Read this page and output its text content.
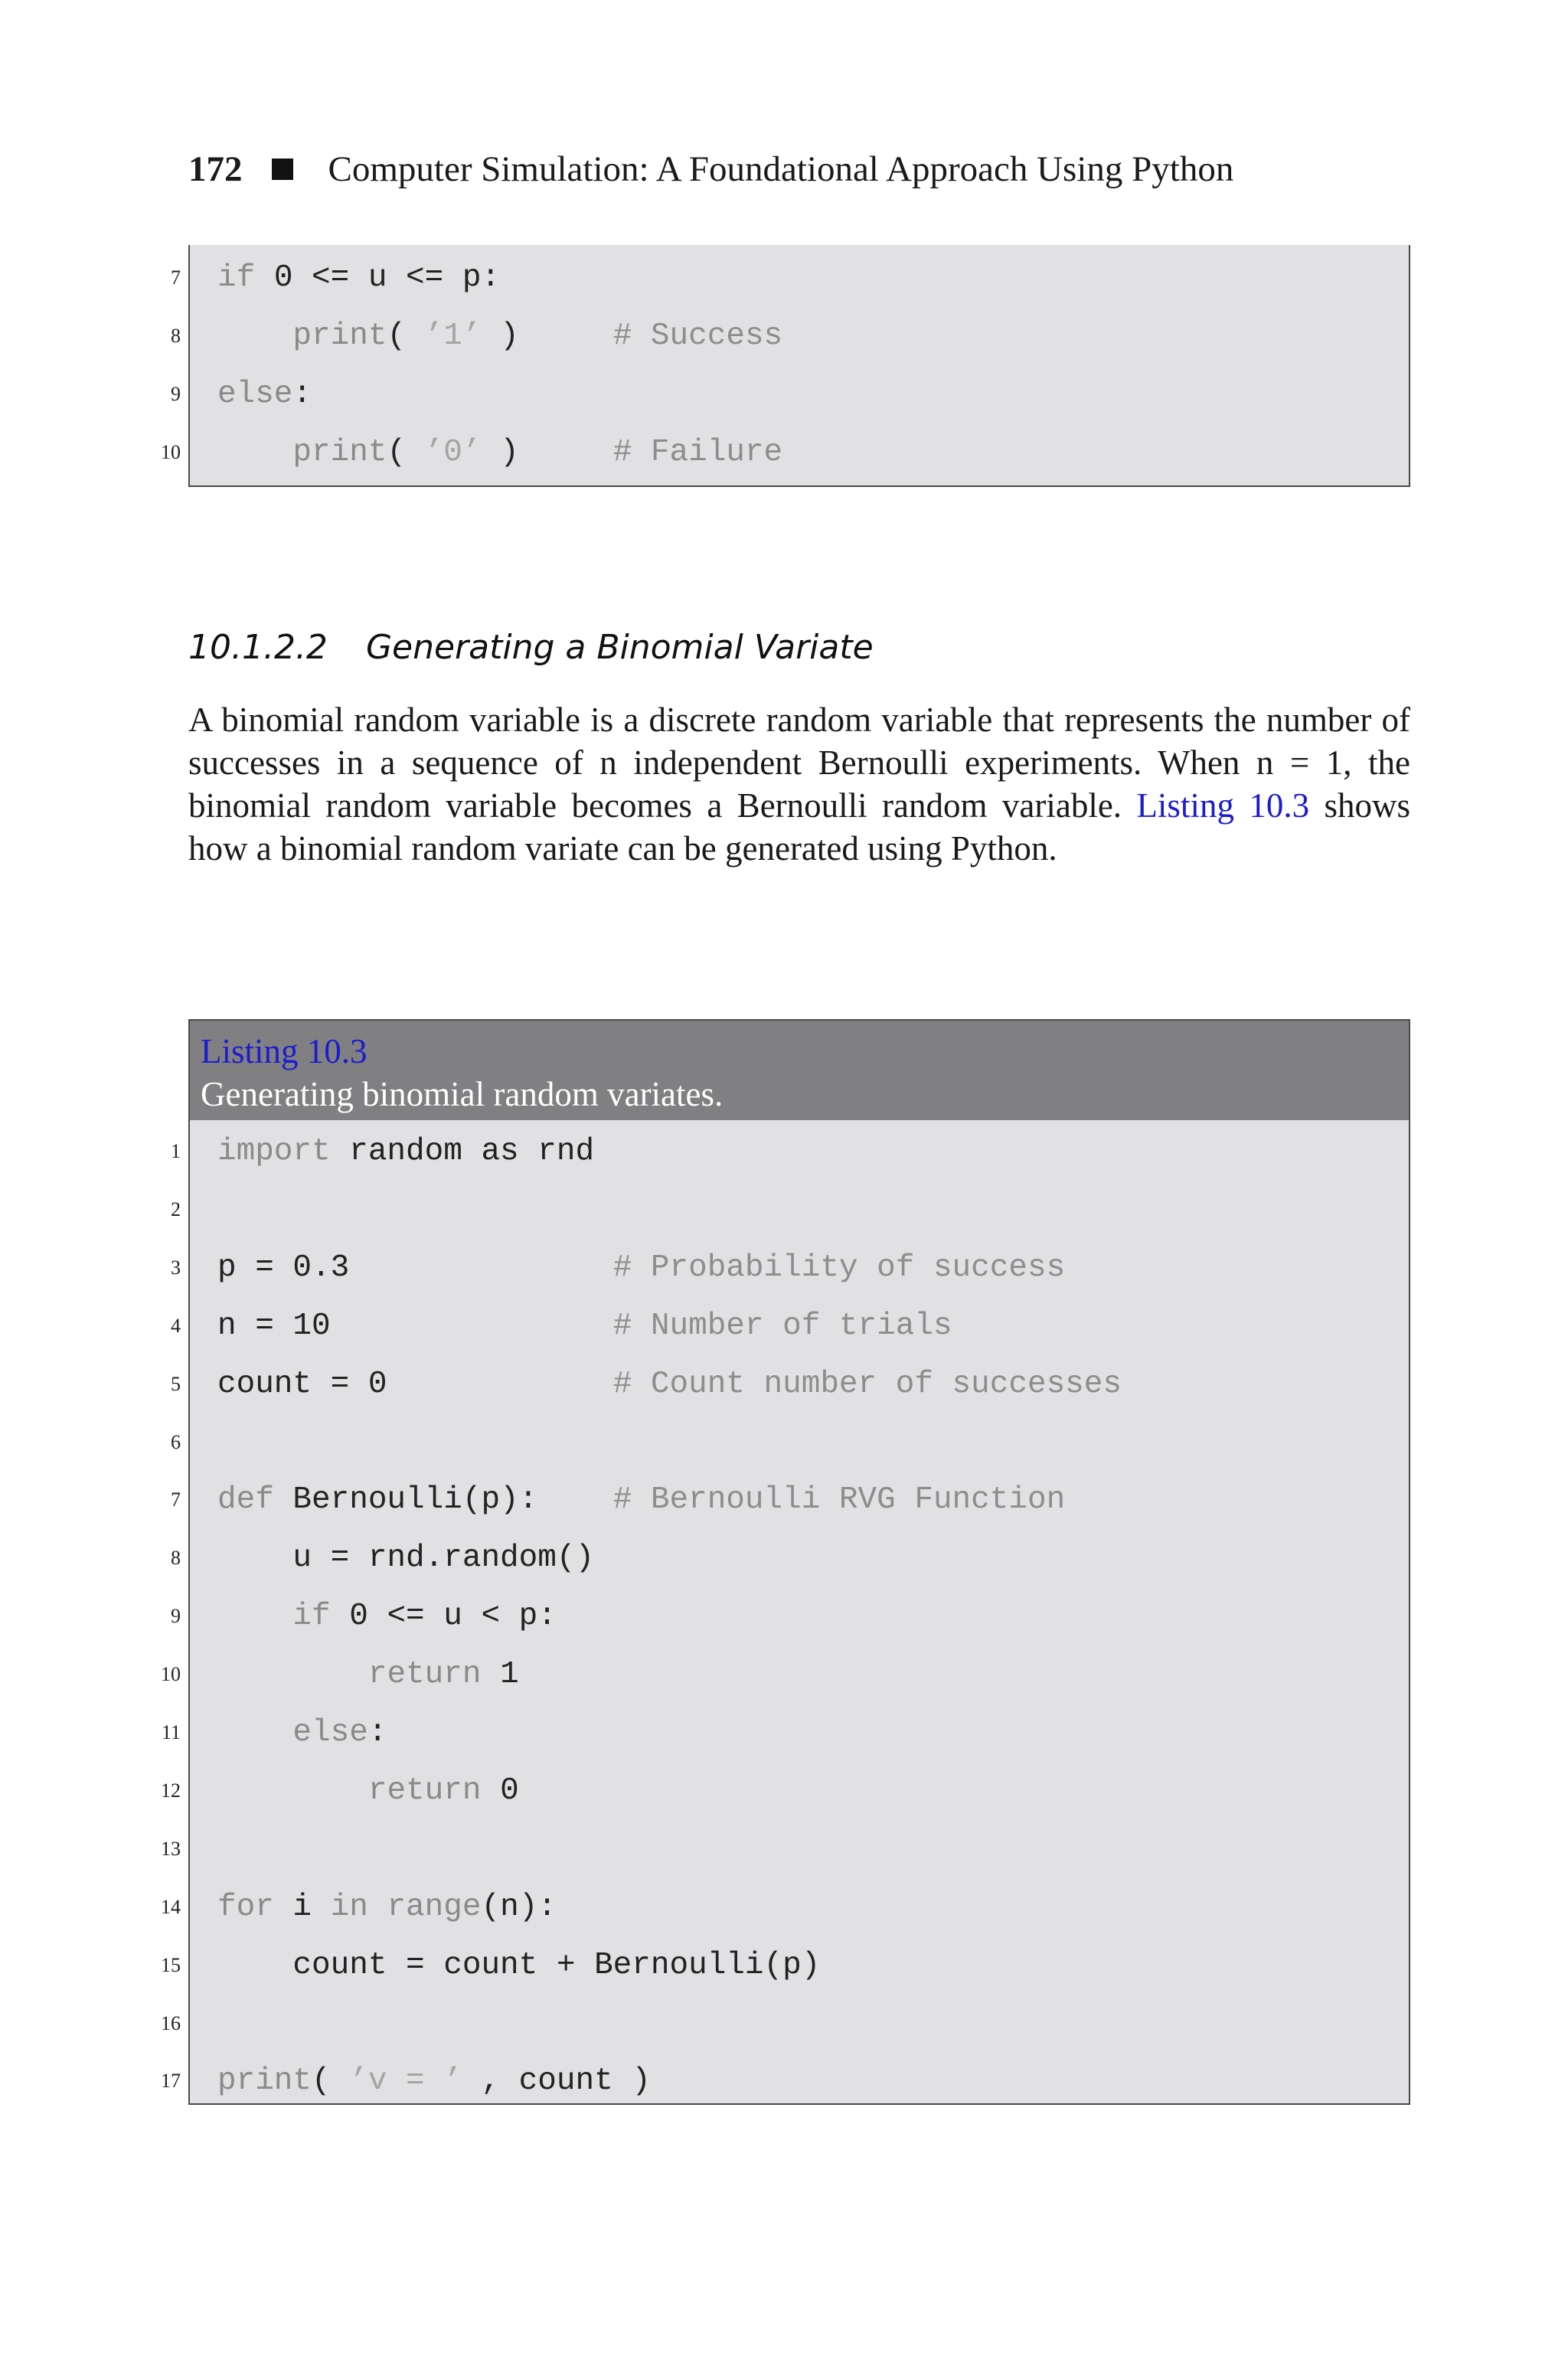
172 Computer Simulation: A Foundational Approach Using Python
7 if 0 <= u <= p:
8	print( ’1’ )     # Success
9 else:
10	print( ’0’ )     # Failure
10.1.2.2 Generating a Binomial Variate
A binomial random variable is a discrete random variable that represents the number of successes in a sequence of n independent Bernoulli experiments. When n = 1, the binomial random variable becomes a Bernoulli random variable. Listing 10.3 shows how a binomial random variate can be generated using Python.
Listing 10.3
Generating binomial random variates.
1 import random as rnd
2
3 p = 0.3              # Probability of success
4 n = 10               # Number of trials
5 count = 0            # Count number of successes
6
7 def Bernoulli(p):    # Bernoulli RVG Function
8 u = rnd.random()
9	if 0 <= u < p:
10	return 1
11	else:
12	return 0
13
14 for i in range(n):
15 count = count + Bernoulli(p)
16
17 print( ’v = ’ , count )
